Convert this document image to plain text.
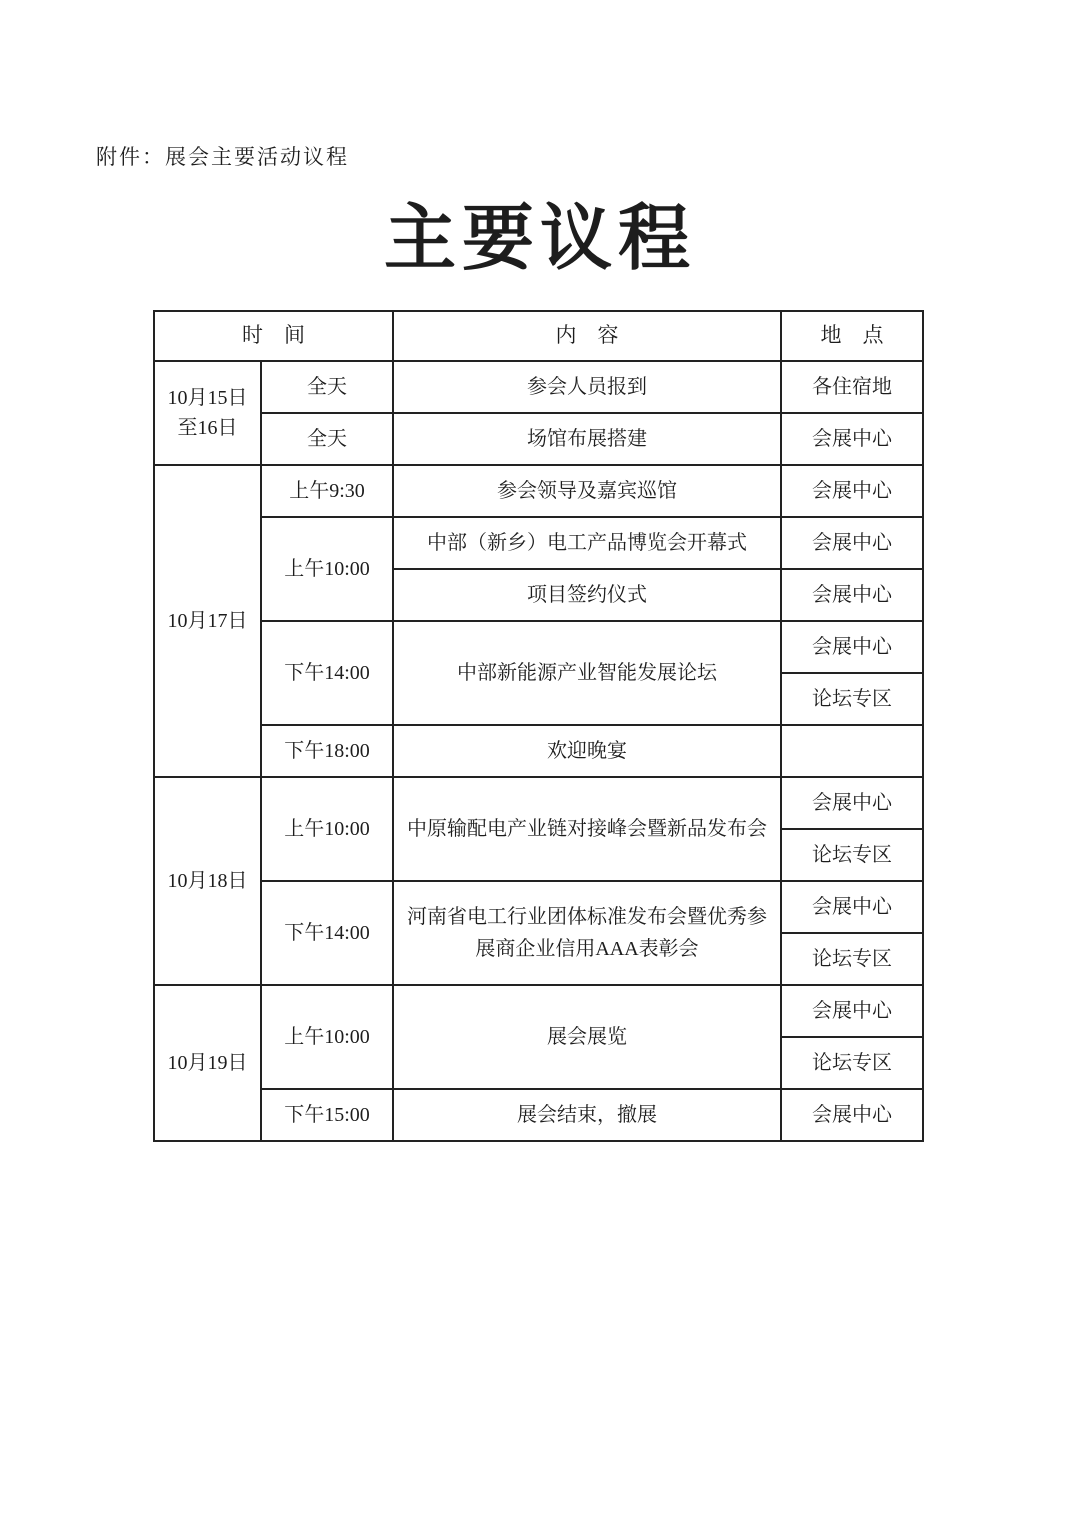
附件：展会主要活动议程
主要议程
时　间		内　容	地　点

10月15日
至16日	全天	参会人员报到	各住宿地
	全天	场馆布展搭建	会展中心

10月17日	上午9:30	参会领导及嘉宾巡馆	会展中心
	上午10:00	中部（新乡）电工产品博览会开幕式	会展中心
		项目签约仪式	会展中心
	下午14:00	中部新能源产业智能发展论坛	会展中心
			论坛专区
	下午18:00	欢迎晚宴	

10月18日	上午10:00	中原输配电产业链对接峰会暨新品发布会	会展中心
			论坛专区
	下午14:00	河南省电工行业团体标准发布会暨优秀参展商企业信用AAA表彰会	会展中心
			论坛专区

10月19日	上午10:00	展会展览	会展中心
			论坛专区
	下午15:00	展会结束，撤展	会展中心
